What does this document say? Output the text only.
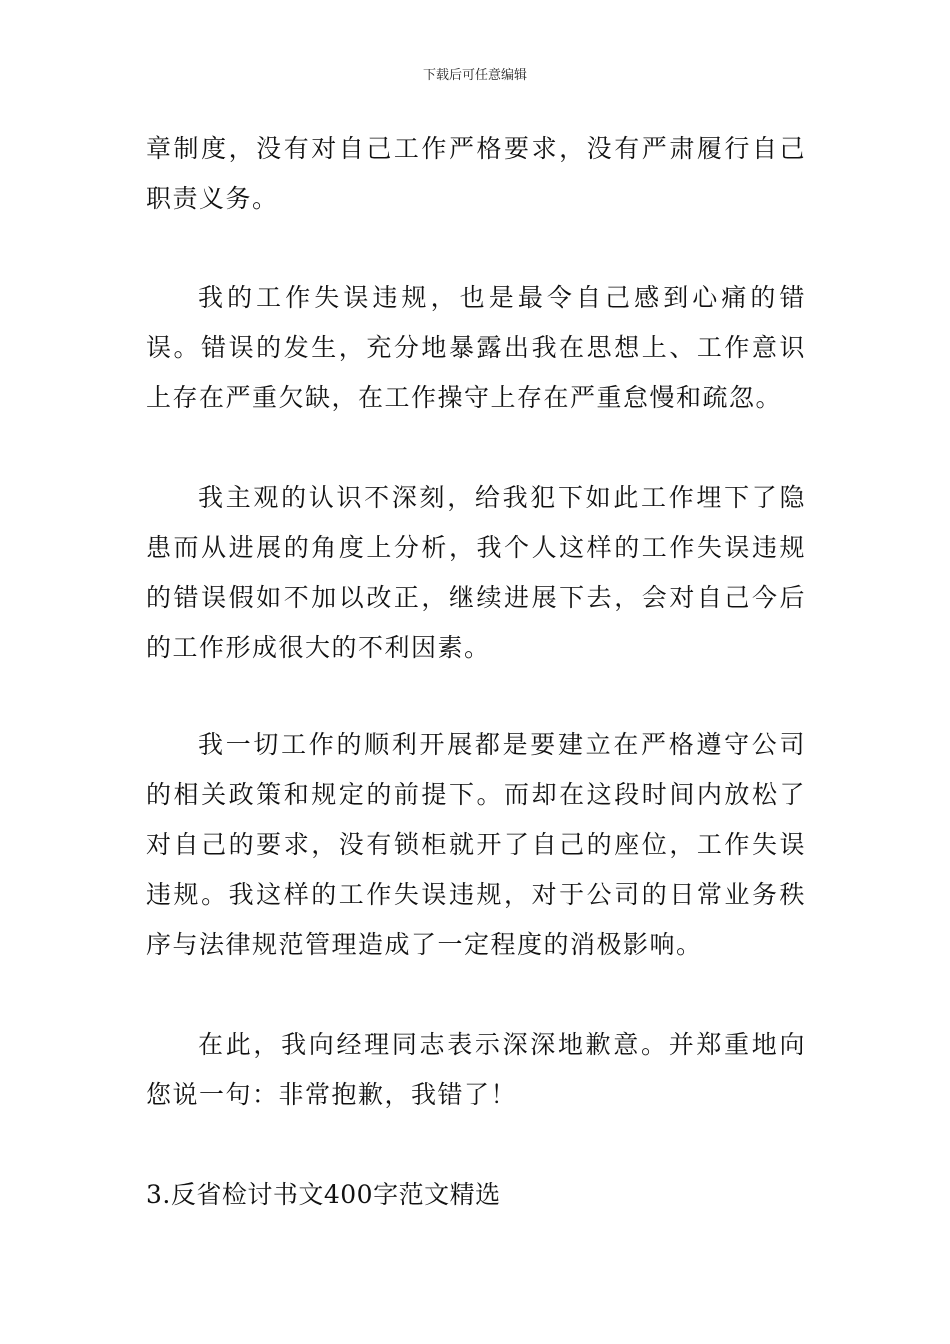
下载后可任意编辑

章制度，没有对自己工作严格要求，没有严肃履行自己职责义务。

我的工作失误违规，也是最令自己感到心痛的错误。错误的发生，充分地暴露出我在思想上、工作意识上存在严重欠缺，在工作操守上存在严重怠慢和疏忽。

我主观的认识不深刻，给我犯下如此工作埋下了隐患而从进展的角度上分析，我个人这样的工作失误违规的错误假如不加以改正，继续进展下去，会对自己今后的工作形成很大的不利因素。

我一切工作的顺利开展都是要建立在严格遵守公司的相关政策和规定的前提下。而却在这段时间内放松了对自己的要求，没有锁柜就开了自己的座位，工作失误违规。我这样的工作失误违规，对于公司的日常业务秩序与法律规范管理造成了一定程度的消极影响。

在此，我向经理同志表示深深地歉意。并郑重地向您说一句：非常抱歉，我错了！

3.反省检讨书文400字范文精选
